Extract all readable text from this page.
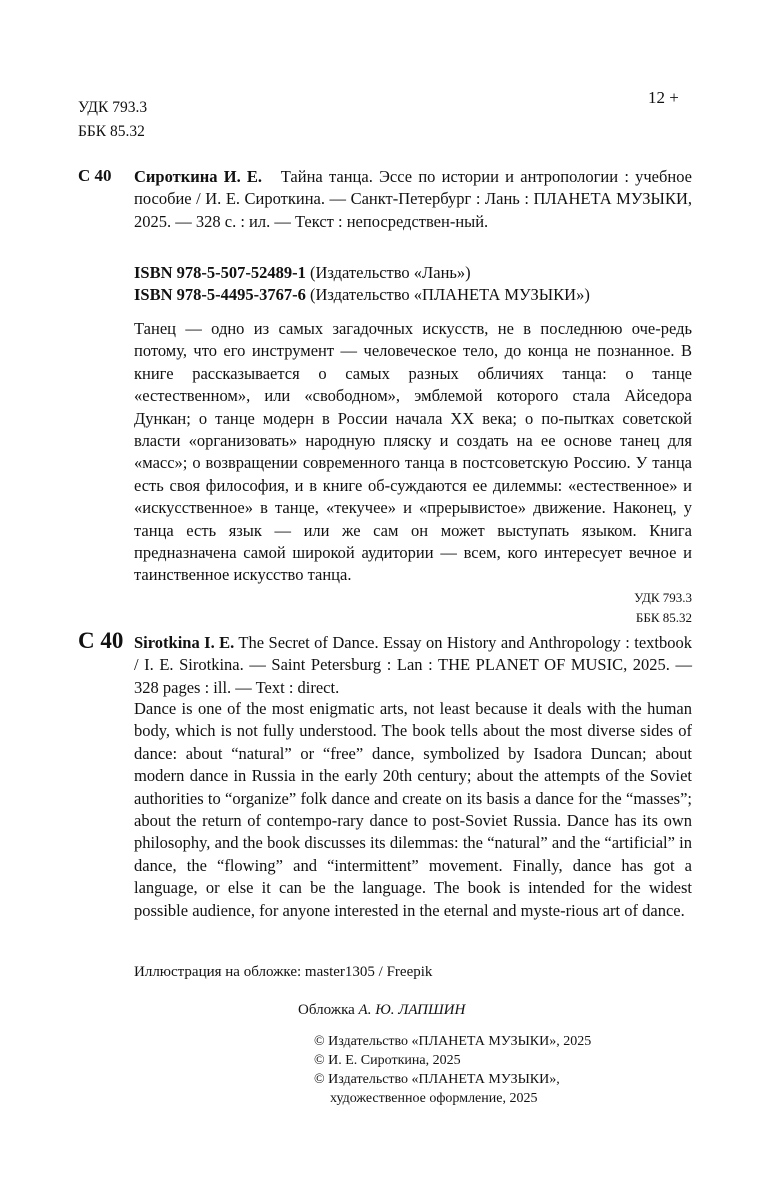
УДК 793.3
ББК 85.32
12 +
С 40 Сироткина И. Е. Тайна танца. Эссе по истории и антропологии : учебное пособие / И. Е. Сироткина. — Санкт-Петербург : Лань : ПЛАНЕТА МУЗЫКИ, 2025. — 328 с. : ил. — Текст : непосредствен-ный.
ISBN 978-5-507-52489-1 (Издательство «Лань»)
ISBN 978-5-4495-3767-6 (Издательство «ПЛАНЕТА МУЗЫКИ»)
Танец — одно из самых загадочных искусств, не в последнюю оче-редь потому, что его инструмент — человеческое тело, до конца не познанное. В книге рассказывается о самых разных обличиях танца: о танце «естественном», или «свободном», эмблемой которого стала Айседора Дункан; о танце модерн в России начала XX века; о по-пытках советской власти «организовать» народную пляску и создать на ее основе танец для «масс»; о возвращении современного танца в постсоветскую Россию. У танца есть своя философия, и в книге об-суждаются ее дилеммы: «естественное» и «искусственное» в танце, «текучее» и «прерывистое» движение. Наконец, у танца есть язык — или же сам он может выступать языком. Книга предназначена самой широкой аудитории — всем, кого интересует вечное и таинственное искусство танца.
УДК 793.3
ББК 85.32
С 40 Sirotkina I. E. The Secret of Dance. Essay on History and Anthropology : textbook / I. E. Sirotkina. — Saint Petersburg : Lan : THE PLANET OF MUSIC, 2025. — 328 pages : ill. — Text : direct.
Dance is one of the most enigmatic arts, not least because it deals with the human body, which is not fully understood. The book tells about the most diverse sides of dance: about “natural” or “free” dance, symbolized by Isadora Duncan; about modern dance in Russia in the early 20th century; about the attempts of the Soviet authorities to “organize” folk dance and create on its basis a dance for the “masses”; about the return of contempo-rary dance to post-Soviet Russia. Dance has its own philosophy, and the book discusses its dilemmas: the “natural” and the “artificial” in dance, the “flowing” and “intermittent” movement. Finally, dance has got a language, or else it can be the language. The book is intended for the widest possible audience, for anyone interested in the eternal and myste-rious art of dance.
Иллюстрация на обложке: master1305 / Freepik
Обложка А. Ю. ЛАПШИН
© Издательство «ПЛАНЕТА МУЗЫКИ», 2025
© И. Е. Сироткина, 2025
© Издательство «ПЛАНЕТА МУЗЫКИ»,
художественное оформление, 2025
